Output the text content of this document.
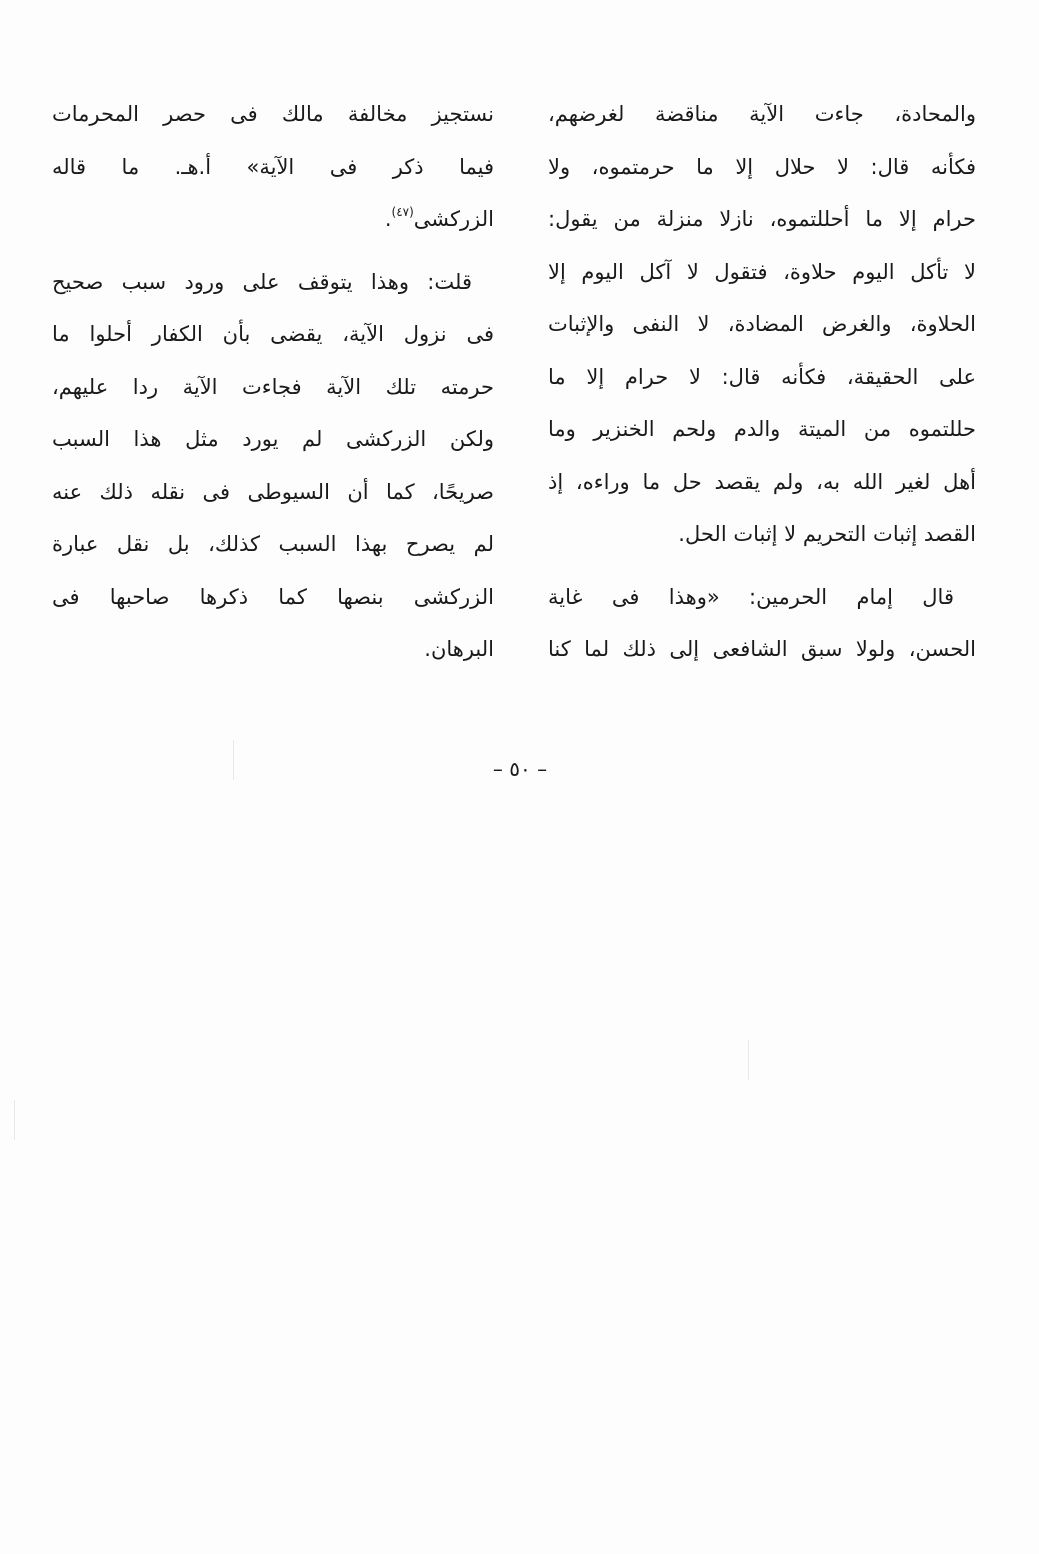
والمحادة، جاءت الآية مناقضة لغرضهم،
فكأنه قال: لا حلال إلا ما حرمتموه، ولا
حرام إلا ما أحللتموه، نازلا منزلة من يقول:
لا تأكل اليوم حلاوة، فتقول لا آكل اليوم إلا
الحلاوة، والغرض المضادة، لا النفى والإثبات
على الحقيقة، فكأنه قال: لا حرام إلا ما
حللتموه من الميتة والدم ولحم الخنزير وما
أهل لغير الله به، ولم يقصد حل ما وراءه، إذ
القصد إثبات التحريم لا إثبات الحل.
قال إمام الحرمين: «وهذا فى غاية
الحسن، ولولا سبق الشافعى إلى ذلك لما كنا
نستجيز مخالفة مالك فى حصر المحرمات
فيما ذكر فى الآية» أ.هـ. ما قاله
الزركشى$^{(٤٧)}$.
قلت: وهذا يتوقف على ورود سبب صحيح
فى نزول الآية، يقضى بأن الكفار أحلوا ما
حرمته تلك الآية فجاءت الآية ردا عليهم،
ولكن الزركشى لم يورد مثل هذا السبب
صريحًا، كما أن السيوطى فى نقله ذلك عنه
لم يصرح بهذا السبب كذلك، بل نقل عبارة
الزركشى بنصها كما ذكرها صاحبها فى
البرهان.
– ٥٠ –
